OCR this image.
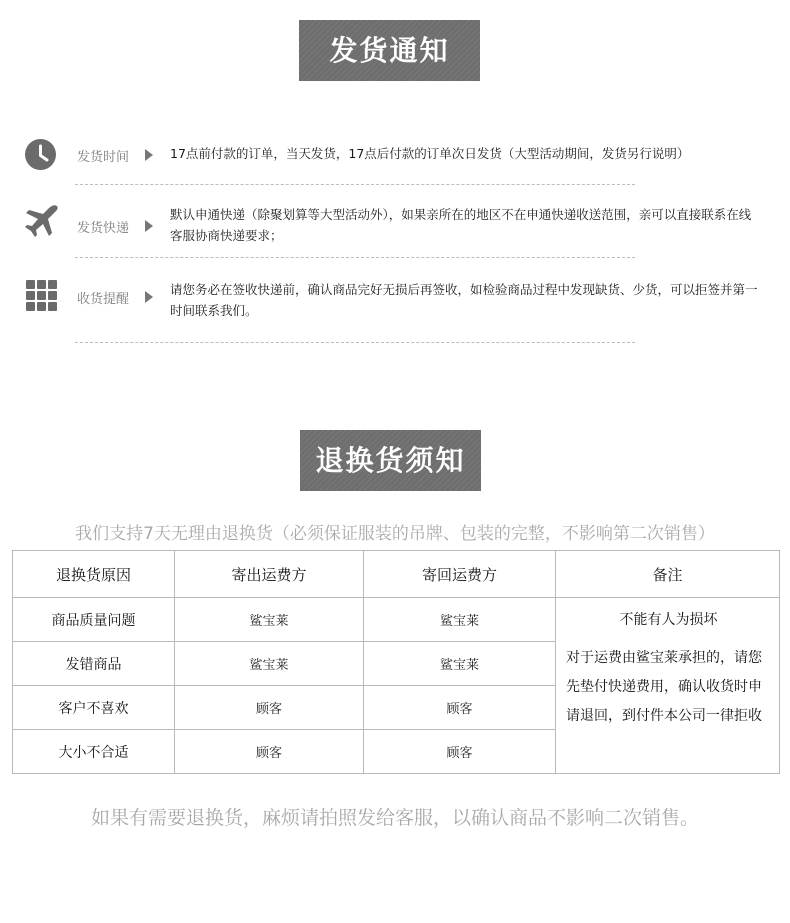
发货通知
发货时间	17点前付款的订单，当天发货，17点后付款的订单次日发货（大型活动期间，发货另行说明）
发货快递
默认申通快递（除聚划算等大型活动外），如果亲所在的地区不在申通快递收送范围，亲可以直接联系在线客服协商快递要求；
收货提醒
请您务必在签收快递前，确认商品完好无损后再签收，如检验商品过程中发现缺货、少货，可以拒签并第一时间联系我们。
退换货须知
我们支持7天无理由退换货（必须保证服装的吊牌、包装的完整，不影响第二次销售）
退换货原因	寄出运费方	寄回运费方	备注
商品质量问题	鲨宝莱	鲨宝莱	不能有人为损坏
对于运费由鲨宝莱承担的，请您先垫付快递费用，确认收货时申请退回，到付件本公司一律拒收

发错商品	鲨宝莱	鲨宝莱	
客户不喜欢	顾客	顾客	
大小不合适	顾客	顾客	
如果有需要退换货，麻烦请拍照发给客服，以确认商品不影响二次销售。
